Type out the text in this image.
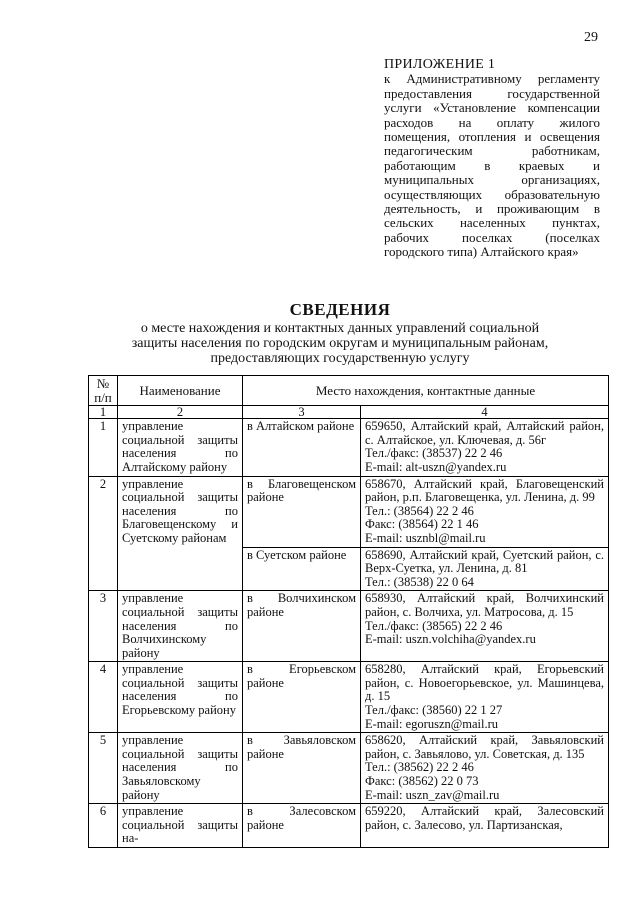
29
ПРИЛОЖЕНИЕ 1
к Административному регламенту предоставления государственной услуги «Установление компенсации расходов на оплату жилого помещения, отопления и освещения педагогическим работникам, работающим в краевых и муниципальных организациях, осуществляющих образовательную деятельность, и проживающим в сельских населенных пунктах, рабочих поселках (поселках городского типа) Алтайского края»
СВЕДЕНИЯ
о месте нахождения и контактных данных управлений социальной защиты населения по городским округам и муниципальным районам, предоставляющих государственную услугу
№ п/п	Наименование	Место нахождения, контактные данные	
1	2	3	4
1	управление социальной защиты населения по Алтайскому району	в Алтайском районе	659650, Алтайский край, Алтайский район, с. Алтайское, ул. Ключевая, д. 56г
Тел./факс: (38537) 22 2 46
E-mail: alt-uszn@yandex.ru

2	управление социальной защиты населения по Благовещенскому и Суетскому районам	в Благовещенском районе	658670, Алтайский край, Благовещенский район, р.п. Благовещенка, ул. Ленина, д. 99
Тел.: (38564) 22 2 46
Факс: (38564) 22 1 46
E-mail: usznbl@mail.ru

		в Суетском районе	658690, Алтайский край, Суетский район, с. Верх-Суетка, ул. Ленина, д. 81
Тел.: (38538) 22 0 64

3	управление социальной защиты населения по Волчихинскому району	в Волчихинском районе	658930, Алтайский край, Волчихинский район, с. Волчиха, ул. Матросова, д. 15
Тел./факс: (38565) 22 2 46
E-mail: uszn.volchiha@yandex.ru

4	управление социальной защиты населения по Егорьевскому району	в Егорьевском районе	658280, Алтайский край, Егорьевский район, с. Новоегорьевское, ул. Машинцева, д. 15
Тел./факс: (38560) 22 1 27
E-mail: egoruszn@mail.ru

5	управление социальной защиты населения по Завьяловскому району	в Завьяловском районе	658620, Алтайский край, Завьяловский район, с. Завьялово, ул. Советская, д. 135
Тел.: (38562) 22 2 46
Факс: (38562) 22 0 73
E-mail: uszn_zav@mail.ru

6	управление социальной защиты на-	в Залесовском районе	659220, Алтайский край, Залесовский район, с. Залесово, ул. Партизанская,
